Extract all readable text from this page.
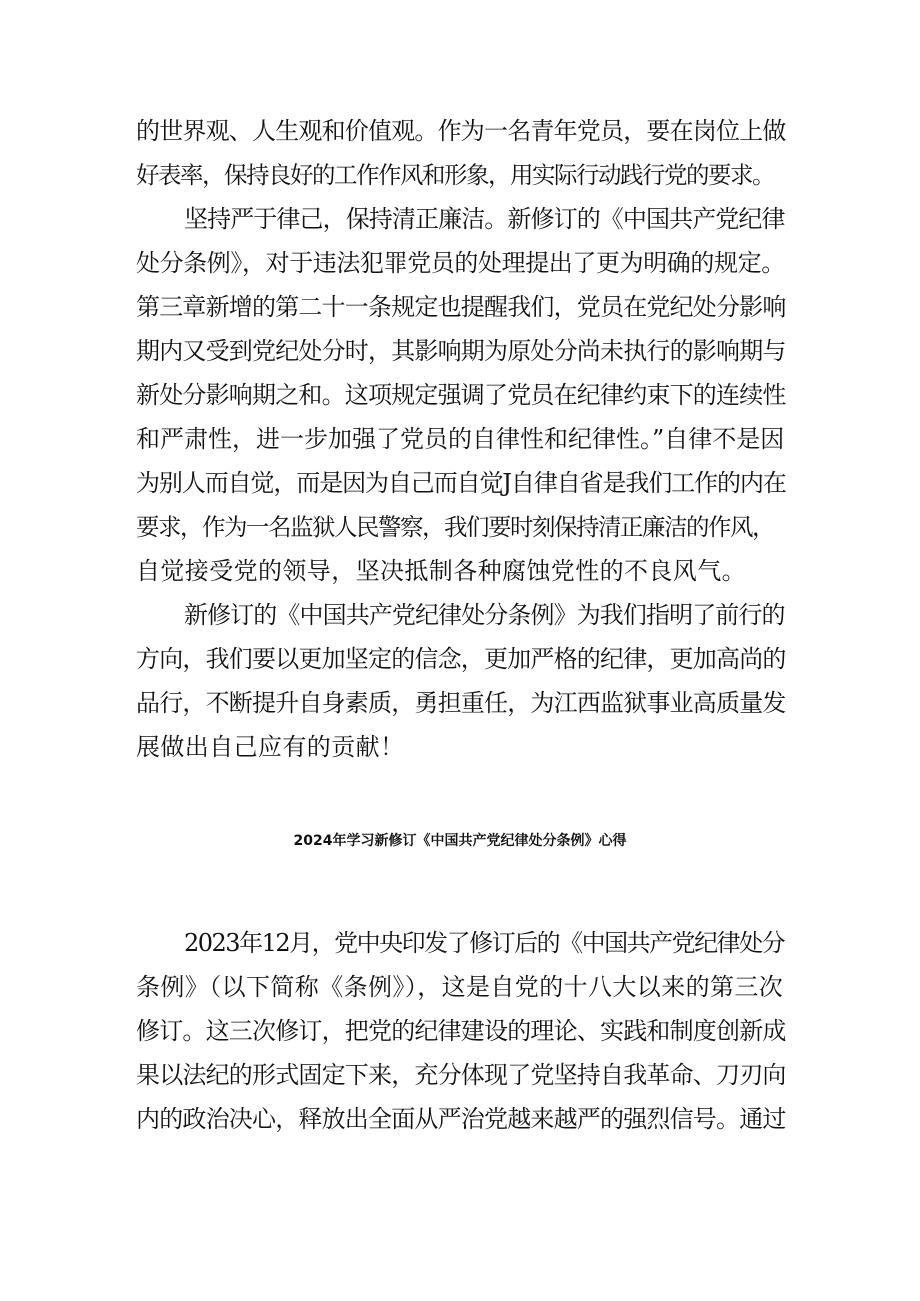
的世界观、人生观和价值观。作为一名青年党员，要在岗位上做
好表率，保持良好的工作作风和形象，用实际行动践行党的要求。
坚持严于律己，保持清正廉洁。新修订的《中国共产党纪律
处分条例》，对于违法犯罪党员的处理提出了更为明确的规定。
第三章新增的第二十一条规定也提醒我们，党员在党纪处分影响
期内又受到党纪处分时，其影响期为原处分尚未执行的影响期与
新处分影响期之和。这项规定强调了党员在纪律约束下的连续性
和严肃性，进一步加强了党员的自律性和纪律性。”自律不是因
为别人而自觉，而是因为自己而自觉J自律自省是我们工作的内在
要求，作为一名监狱人民警察，我们要时刻保持清正廉洁的作风，
自觉接受党的领导，坚决抵制各种腐蚀党性的不良风气。
新修订的《中国共产党纪律处分条例》为我们指明了前行的
方向，我们要以更加坚定的信念，更加严格的纪律，更加高尚的
品行，不断提升自身素质，勇担重任，为江西监狱事业高质量发
展做出自己应有的贡献！
2024年学习新修订《中国共产党纪律处分条例》心得
2023年12月，党中央印发了修订后的《中国共产党纪律处分
条例》（以下简称《条例》），这是自党的十八大以来的第三次
修订。这三次修订，把党的纪律建设的理论、实践和制度创新成
果以法纪的形式固定下来，充分体现了党坚持自我革命、刀刃向
内的政治决心，释放出全面从严治党越来越严的强烈信号。通过
